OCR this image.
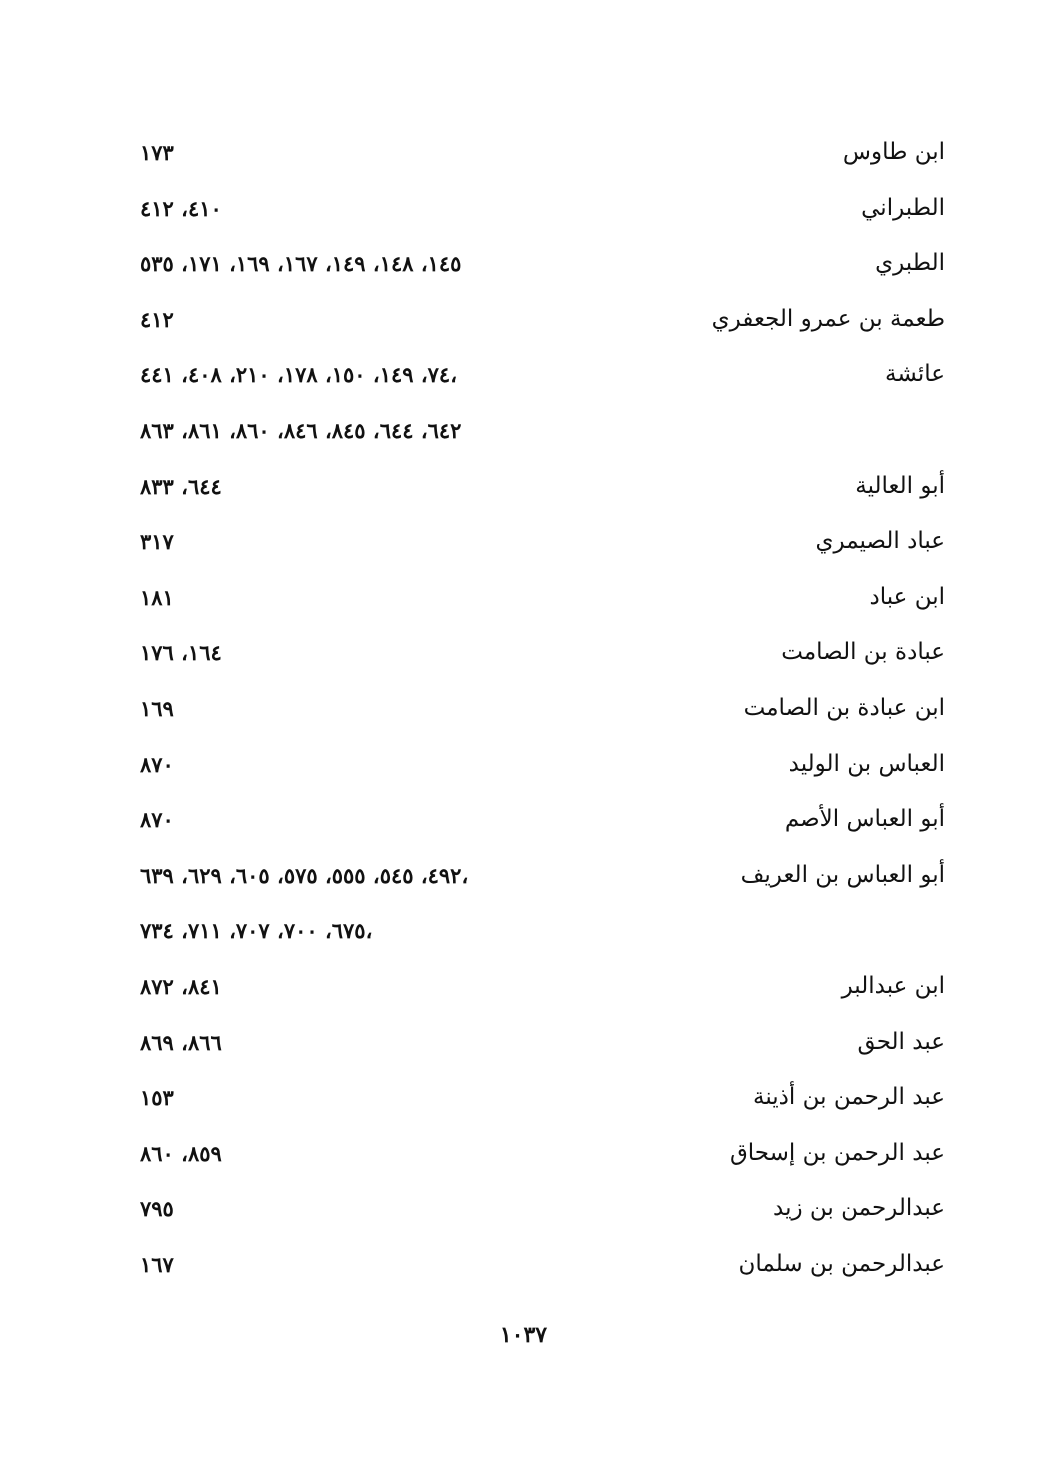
ابن طاوس
١٧٣
الطبراني
٤١٠، ٤١٢
الطبري
١٤٥، ١٤٨، ١٤٩، ١٦٧، ١٦٩، ١٧١، ٥٣٥
طعمة بن عمرو الجعفري
٤١٢
عائشة
٧٤، ١٤٩، ١٥٠، ١٧٨، ٢١٠، ٤٠٨، ٤٤١،
٦٤٢، ٦٤٤، ٨٤٥، ٨٤٦، ٨٦٠، ٨٦١، ٨٦٣
أبو العالية
٦٤٤، ٨٣٣
عباد الصيمري
٣١٧
ابن عباد
١٨١
عبادة بن الصامت
١٦٤، ١٧٦
ابن عبادة بن الصامت
١٦٩
العباس بن الوليد
٨٧٠
أبو العباس الأصم
٨٧٠
أبو العباس بن العريف
٤٩٢، ٥٤٥، ٥٥٥، ٥٧٥، ٦٠٥، ٦٢٩، ٦٣٩،
٦٧٥، ٧٠٠، ٧٠٧، ٧١١، ٧٣٤،
ابن عبدالبر
٨٤١، ٨٧٢
عبد الحق
٨٦٦، ٨٦٩
عبد الرحمن بن أذينة
١٥٣
عبد الرحمن بن إسحاق
٨٥٩، ٨٦٠
عبدالرحمن بن زيد
٧٩٥
عبدالرحمن بن سلمان
١٦٧
١٠٣٧
